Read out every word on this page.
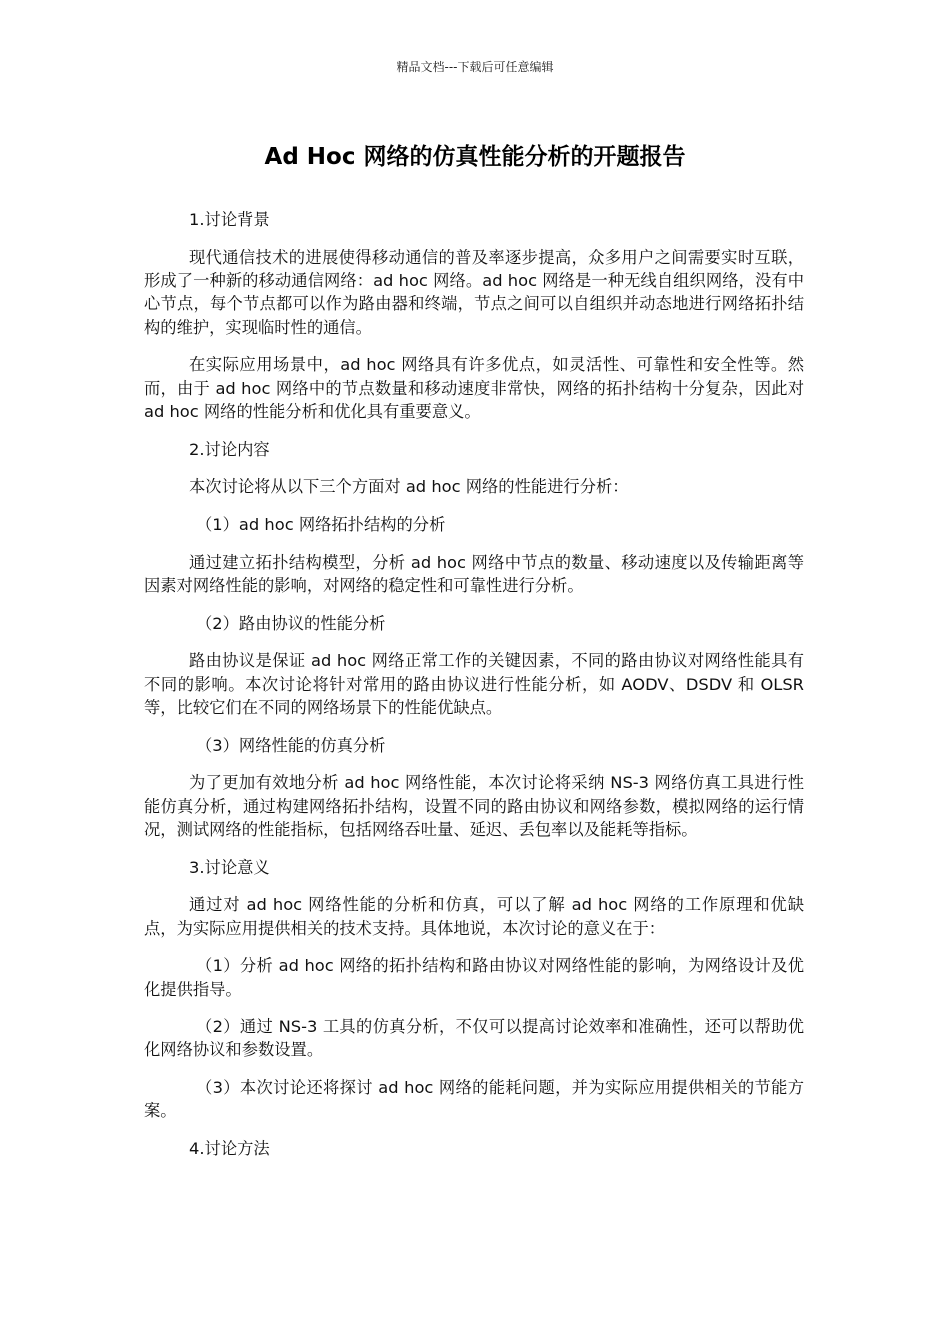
精品文档---下载后可任意编辑
Ad Hoc 网络的仿真性能分析的开题报告

1.讨论背景

现代通信技术的进展使得移动通信的普及率逐步提高，众多用户之间需要实时互联，形成了一种新的移动通信网络：ad hoc 网络。ad hoc 网络是一种无线自组织网络，没有中心节点，每个节点都可以作为路由器和终端，节点之间可以自组织并动态地进行网络拓扑结构的维护，实现临时性的通信。

在实际应用场景中，ad hoc 网络具有许多优点，如灵活性、可靠性和安全性等。然而，由于 ad hoc 网络中的节点数量和移动速度非常快，网络的拓扑结构十分复杂，因此对 ad hoc 网络的性能分析和优化具有重要意义。

2.讨论内容

本次讨论将从以下三个方面对 ad hoc 网络的性能进行分析：

（1）ad hoc 网络拓扑结构的分析

通过建立拓扑结构模型，分析 ad hoc 网络中节点的数量、移动速度以及传输距离等因素对网络性能的影响，对网络的稳定性和可靠性进行分析。

（2）路由协议的性能分析

路由协议是保证 ad hoc 网络正常工作的关键因素，不同的路由协议对网络性能具有不同的影响。本次讨论将针对常用的路由协议进行性能分析，如 AODV、DSDV 和 OLSR 等，比较它们在不同的网络场景下的性能优缺点。

（3）网络性能的仿真分析

为了更加有效地分析 ad hoc 网络性能，本次讨论将采纳 NS-3 网络仿真工具进行性能仿真分析，通过构建网络拓扑结构，设置不同的路由协议和网络参数，模拟网络的运行情况，测试网络的性能指标，包括网络吞吐量、延迟、丢包率以及能耗等指标。

3.讨论意义

通过对 ad hoc 网络性能的分析和仿真，可以了解 ad hoc 网络的工作原理和优缺点，为实际应用提供相关的技术支持。具体地说，本次讨论的意义在于：

（1）分析 ad hoc 网络的拓扑结构和路由协议对网络性能的影响，为网络设计及优化提供指导。

（2）通过 NS-3 工具的仿真分析，不仅可以提高讨论效率和准确性，还可以帮助优化网络协议和参数设置。

（3）本次讨论还将探讨 ad hoc 网络的能耗问题，并为实际应用提供相关的节能方案。

4.讨论方法
